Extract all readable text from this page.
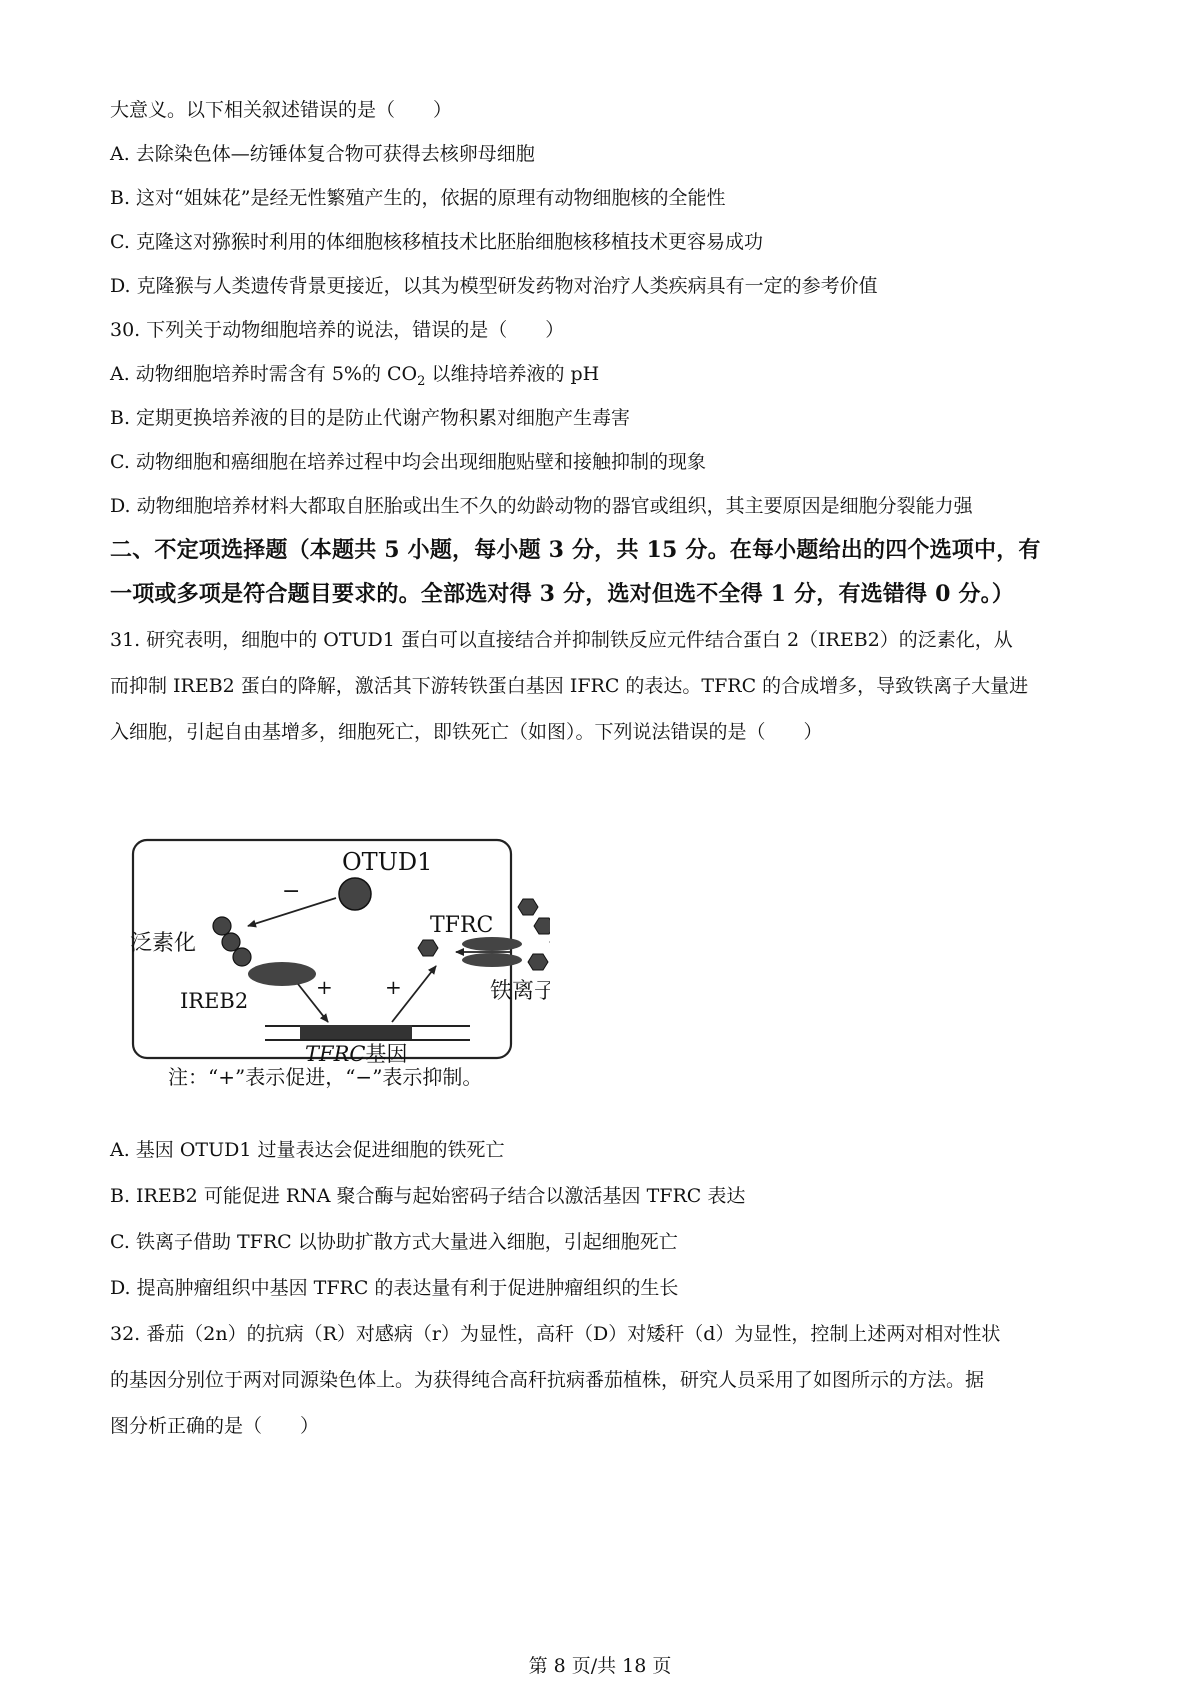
大意义。以下相关叙述错误的是（　　）
A. 去除染色体—纺锤体复合物可获得去核卵母细胞
B. 这对“姐妹花”是经无性繁殖产生的，依据的原理有动物细胞核的全能性
C. 克隆这对猕猴时利用的体细胞核移植技术比胚胎细胞核移植技术更容易成功
D. 克隆猴与人类遗传背景更接近，以其为模型研发药物对治疗人类疾病具有一定的参考价值
30. 下列关于动物细胞培养的说法，错误的是（　　）
A. 动物细胞培养时需含有 5%的 $CO_2$ 以维持培养液的 pH
B. 定期更换培养液的目的是防止代谢产物积累对细胞产生毒害
C. 动物细胞和癌细胞在培养过程中均会出现细胞贴壁和接触抑制的现象
D. 动物细胞培养材料大都取自胚胎或出生不久的幼龄动物的器官或组织，其主要原因是细胞分裂能力强
二、不定项选择题（本题共 5 小题，每小题 3 分，共 15 分。在每小题给出的四个选项中，有
一项或多项是符合题目要求的。全部选对得 3 分，选对但选不全得 1 分，有选错得 0 分。）
31. 研究表明，细胞中的 OTUD1 蛋白可以直接结合并抑制铁反应元件结合蛋白 2（IREB2）的泛素化，从
而抑制 IREB2 蛋白的降解，激活其下游转铁蛋白基因 IFRC 的表达。TFRC 的合成增多，导致铁离子大量进
入细胞，引起自由基增多，细胞死亡，即铁死亡（如图）。下列说法错误的是（　　）
OTUD1
−
泛素化
IREB2
+
TFRC基因
+
TFRC
铁离子
注：“+”表示促进，“−”表示抑制。
A. 基因 OTUD1 过量表达会促进细胞的铁死亡
B. IREB2 可能促进 RNA 聚合酶与起始密码子结合以激活基因 TFRC 表达
C. 铁离子借助 TFRC 以协助扩散方式大量进入细胞，引起细胞死亡
D. 提高肿瘤组织中基因 TFRC 的表达量有利于促进肿瘤组织的生长
32. 番茄（2n）的抗病（R）对感病（r）为显性，高秆（D）对矮秆（d）为显性，控制上述两对相对性状
的基因分别位于两对同源染色体上。为获得纯合高秆抗病番茄植株，研究人员采用了如图所示的方法。据
图分析正确的是（　　）
第 8 页/共 18 页
